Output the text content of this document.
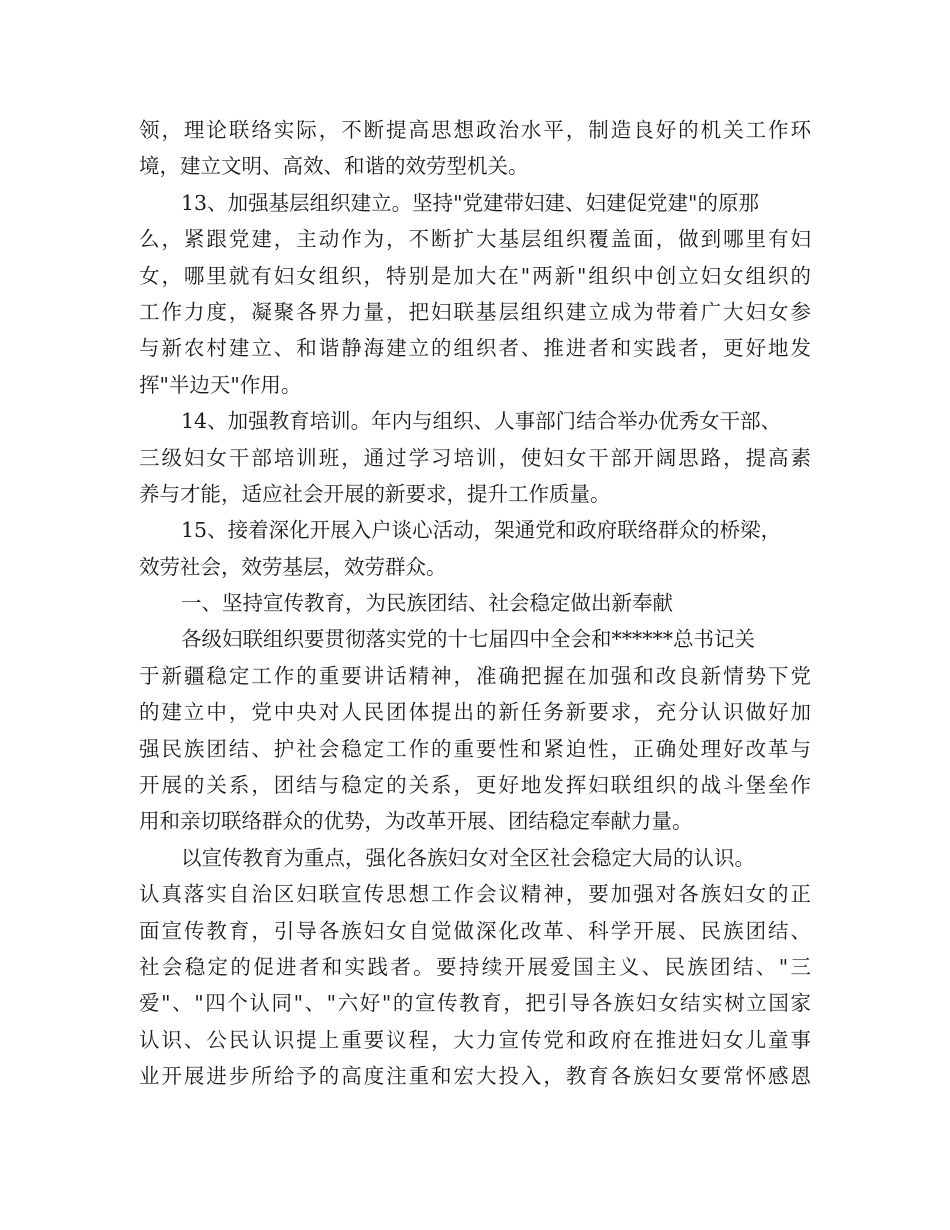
领，理论联络实际，不断提高思想政治水平，制造良好的机关工作环
境，建立文明、高效、和谐的效劳型机关。
13、加强基层组织建立。坚持"党建带妇建、妇建促党建"的原那
么，紧跟党建，主动作为，不断扩大基层组织覆盖面，做到哪里有妇
女，哪里就有妇女组织，特别是加大在"两新"组织中创立妇女组织的
工作力度，凝聚各界力量，把妇联基层组织建立成为带着广大妇女参
与新农村建立、和谐静海建立的组织者、推进者和实践者，更好地发
挥"半边天"作用。
14、加强教育培训。年内与组织、人事部门结合举办优秀女干部、
三级妇女干部培训班，通过学习培训，使妇女干部开阔思路，提高素
养与才能，适应社会开展的新要求，提升工作质量。
15、接着深化开展入户谈心活动，架通党和政府联络群众的桥梁，
效劳社会，效劳基层，效劳群众。
一、坚持宣传教育，为民族团结、社会稳定做出新奉献
各级妇联组织要贯彻落实党的十七届四中全会和******总书记关
于新疆稳定工作的重要讲话精神，准确把握在加强和改良新情势下党
的建立中，党中央对人民团体提出的新任务新要求，充分认识做好加
强民族团结、护社会稳定工作的重要性和紧迫性，正确处理好改革与
开展的关系，团结与稳定的关系，更好地发挥妇联组织的战斗堡垒作
用和亲切联络群众的优势，为改革开展、团结稳定奉献力量。
以宣传教育为重点，强化各族妇女对全区社会稳定大局的认识。
认真落实自治区妇联宣传思想工作会议精神，要加强对各族妇女的正
面宣传教育，引导各族妇女自觉做深化改革、科学开展、民族团结、
社会稳定的促进者和实践者。要持续开展爱国主义、民族团结、"三
爱"、"四个认同"、"六好"的宣传教育，把引导各族妇女结实树立国家
认识、公民认识提上重要议程，大力宣传党和政府在推进妇女儿童事
业开展进步所给予的高度注重和宏大投入，教育各族妇女要常怀感恩
